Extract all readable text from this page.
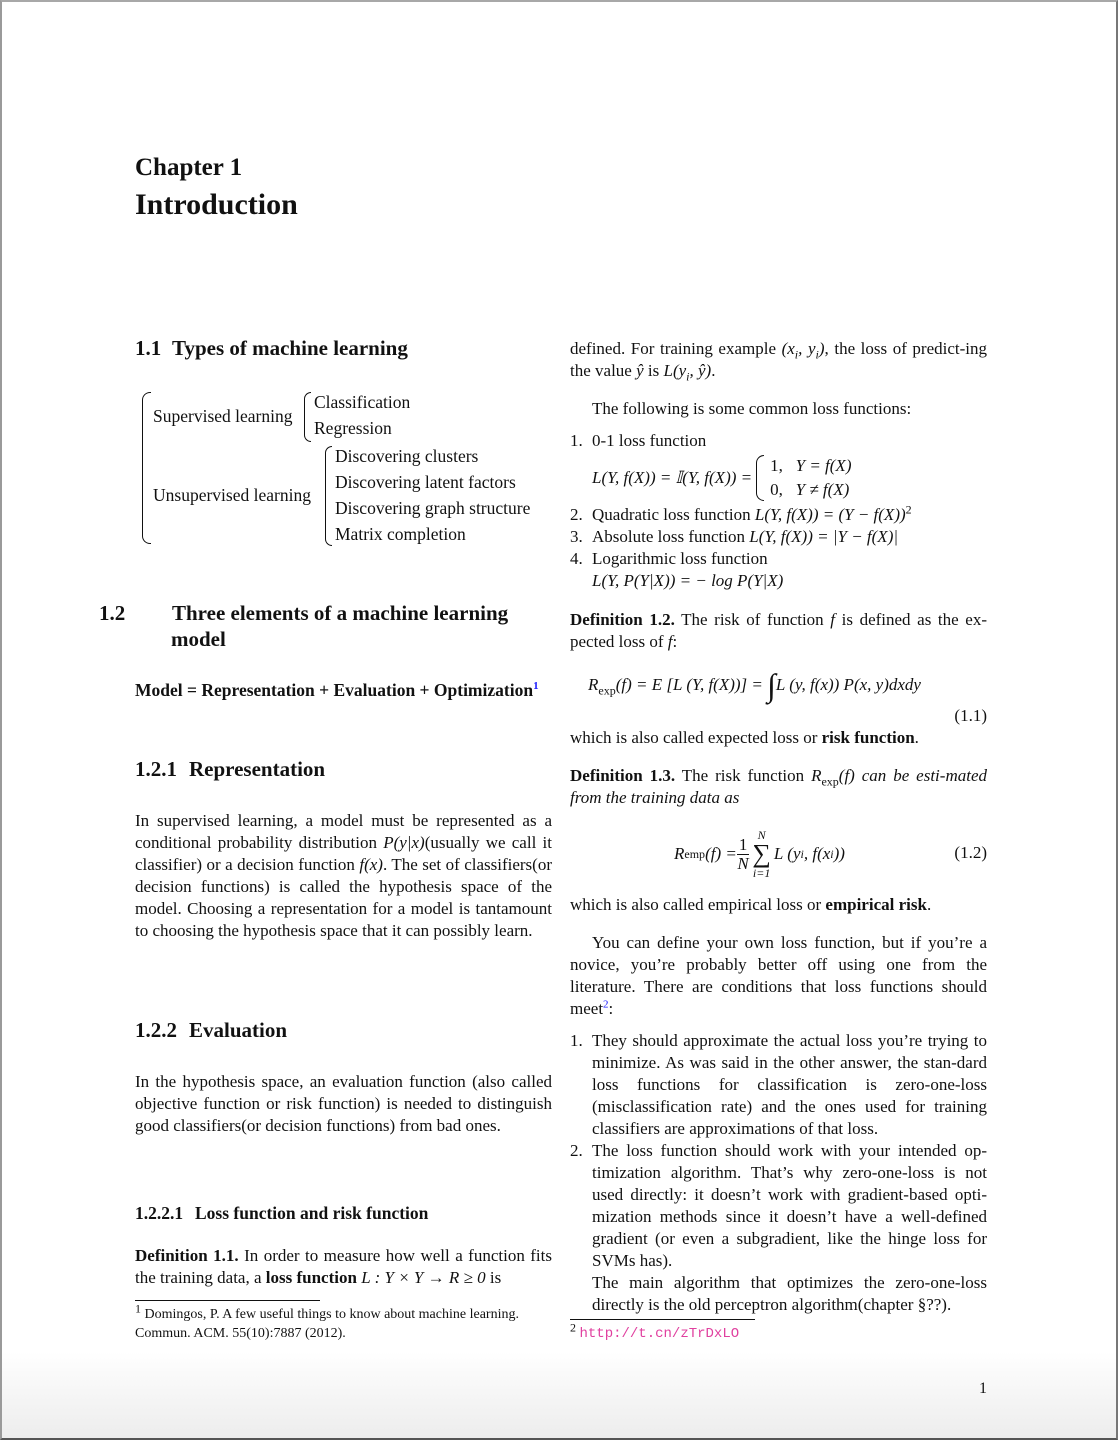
Chapter 1
Introduction
1.1 Types of machine learning
Supervised learning
Classification
Regression
Unsupervised learning
Discovering clusters
Discovering latent factors
Discovering graph structure
Matrix completion
1.2 Three elements of a machine learning
model
Model = Representation + Evaluation + Optimization$^1$
1.2.1 Representation

In supervised learning, a model must be represented as a conditional probability distribution P(y|x)(usually we call it classifier) or a decision function f(x). The set of classifiers(or decision functions) is called the hypothesis space of the model. Choosing a representation for a model is tantamount to choosing the hypothesis space that it can possibly learn.

1.2.2 Evaluation

In the hypothesis space, an evaluation function (also called objective function or risk function) is needed to distinguish good classifiers(or decision functions) from bad ones.

1.2.2.1 Loss function and risk function

Definition 1.1. In order to measure how well a function fits the training data, a loss function L : Y × Y → R ≥ 0 is

$^1$ Domingos, P. A few useful things to know about machine learning. Commun. ACM. 55(10):7887 (2012).

defined. For training example ($x_i$, $y_i$), the loss of predict-ing the value ŷ is $L(y_i$, ŷ).

The following is some common loss functions:

1. 0-1 loss function
L(Y, f(X)) = 𝕀(Y, f(X)) =
1, Y = f(X)
0, Y ≠ f(X)
2. Quadratic loss function L(Y, $f(X)) = (Y - f(X))^2$
3. Absolute loss function L(Y, f(X)) = |Y − f(X)|
4. Logarithmic loss function
L(Y, P(Y|X)) = − log P(Y|X)

Definition 1.2. The risk of function f is defined as the ex-pected loss of f:

$R_{exp}(f) = E$ [L (Y, f(X))] = ∫L (y, f(x)) P(x, y)dxdy
(1.1)

which is also called expected loss or risk function.

Definition 1.3. The risk function $R_{exp}(f)$ can be esti-mated from the training data as

R emp $(f) = \frac{1}{N}$
N
∑
i=1
L (y i , f(x i ))	(1.2)

which is also called empirical loss or empirical risk.

You can define your own loss function, but if you’re a novice, you’re probably better off using one from the literature. There are conditions that loss functions should meet$^2$:

1. They should approximate the actual loss you’re trying to minimize. As was said in the other answer, the stan-dard loss functions for classification is zero-one-loss (misclassification rate) and the ones used for training classifiers are approximations of that loss.
2. The loss function should work with your intended op-timization algorithm. That’s why zero-one-loss is not used directly: it doesn’t work with gradient-based opti-mization methods since it doesn’t have a well-defined gradient (or even a subgradient, like the hinge loss for SVMs has).
The main algorithm that optimizes the zero-one-loss directly is the old perceptron algorithm(chapter §??).

$^2$ http://t.cn/zTrDxLO

1
